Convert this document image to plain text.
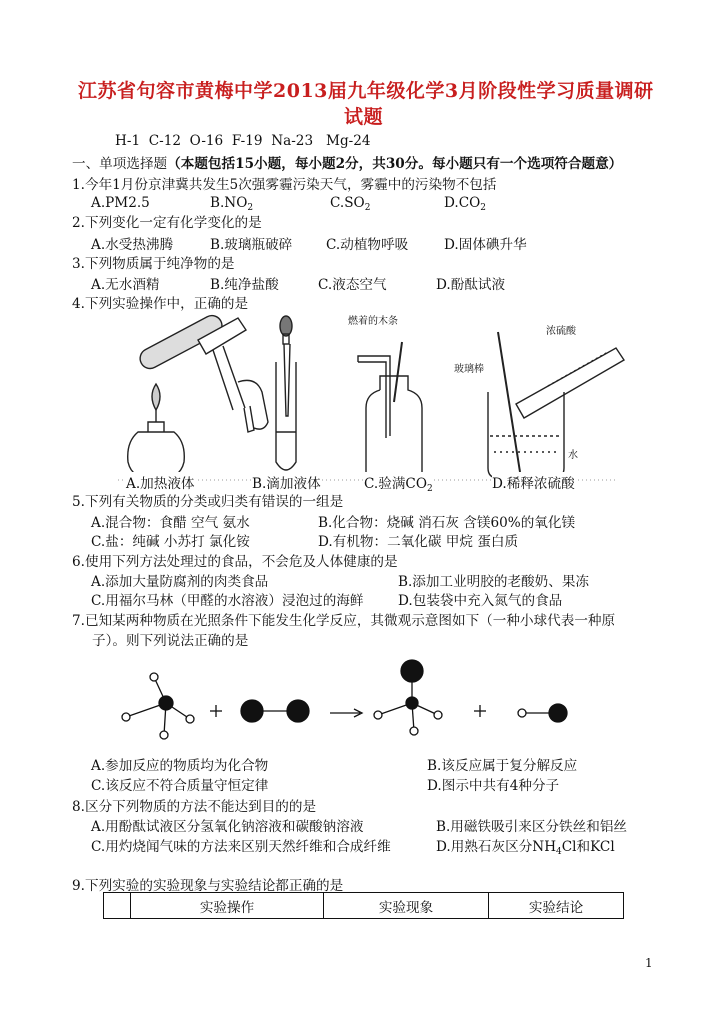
江苏省句容市黄梅中学2013届九年级化学3月阶段性学习质量调研
试题
H-1  C-12  O-16  F-19  Na-23   Mg-24
一、单项选择题（本题包括15小题，每小题2分，共30分。每小题只有一个选项符合题意）
1.今年1月份京津冀共发生5次强雾霾污染天气，雾霾中的污染物不包括
A.PM2.5	$B.NO_2$	$C.SO_2$	$D.CO_2$
2.下列变化一定有化学变化的是
A.水受热沸腾	B.玻璃瓶破碎 C.动植物呼吸	D.固体碘升华
3.下列物质属于纯净物的是
A.无水酒精	B.纯净盐酸	C.液态空气	D.酚酞试液
4.下列实验操作中，正确的是
燃着的木条
浓硫酸
玻璃棒
水
A.加热液体	B.滴加液体	C.验满$CO_2$	D.稀释浓硫酸
5.下列有关物质的分类或归类有错误的一组是
A.混合物：食醋 空气 氨水	B.化合物：烧碱 消石灰 含镁60%的氧化镁
C.盐：纯碱 小苏打 氯化铵	D.有机物：二氧化碳 甲烷 蛋白质
6.使用下列方法处理过的食品，不会危及人体健康的是
A.添加大量防腐剂的肉类食品	B.添加工业明胶的老酸奶、果冻
C.用福尔马林（甲醛的水溶液）浸泡过的海鲜	D.包装袋中充入氮气的食品
7.已知某两种物质在光照条件下能发生化学反应，其微观示意图如下（一种小球代表一种原
子）。则下列说法正确的是
A.参加反应的物质均为化合物	B.该反应属于复分解反应
C.该反应不符合质量守恒定律	D.图示中共有4种分子
8.区分下列物质的方法不能达到目的的是
A.用酚酞试液区分氢氧化钠溶液和碳酸钠溶液	B.用磁铁吸引来区分铁丝和铝丝
C.用灼烧闻气味的方法来区别天然纤维和合成纤维	D.用熟石灰区分$NH_4Cl$和KCl
9.下列实验的实验现象与实验结论都正确的是
	实验操作	实验现象	实验结论
1
